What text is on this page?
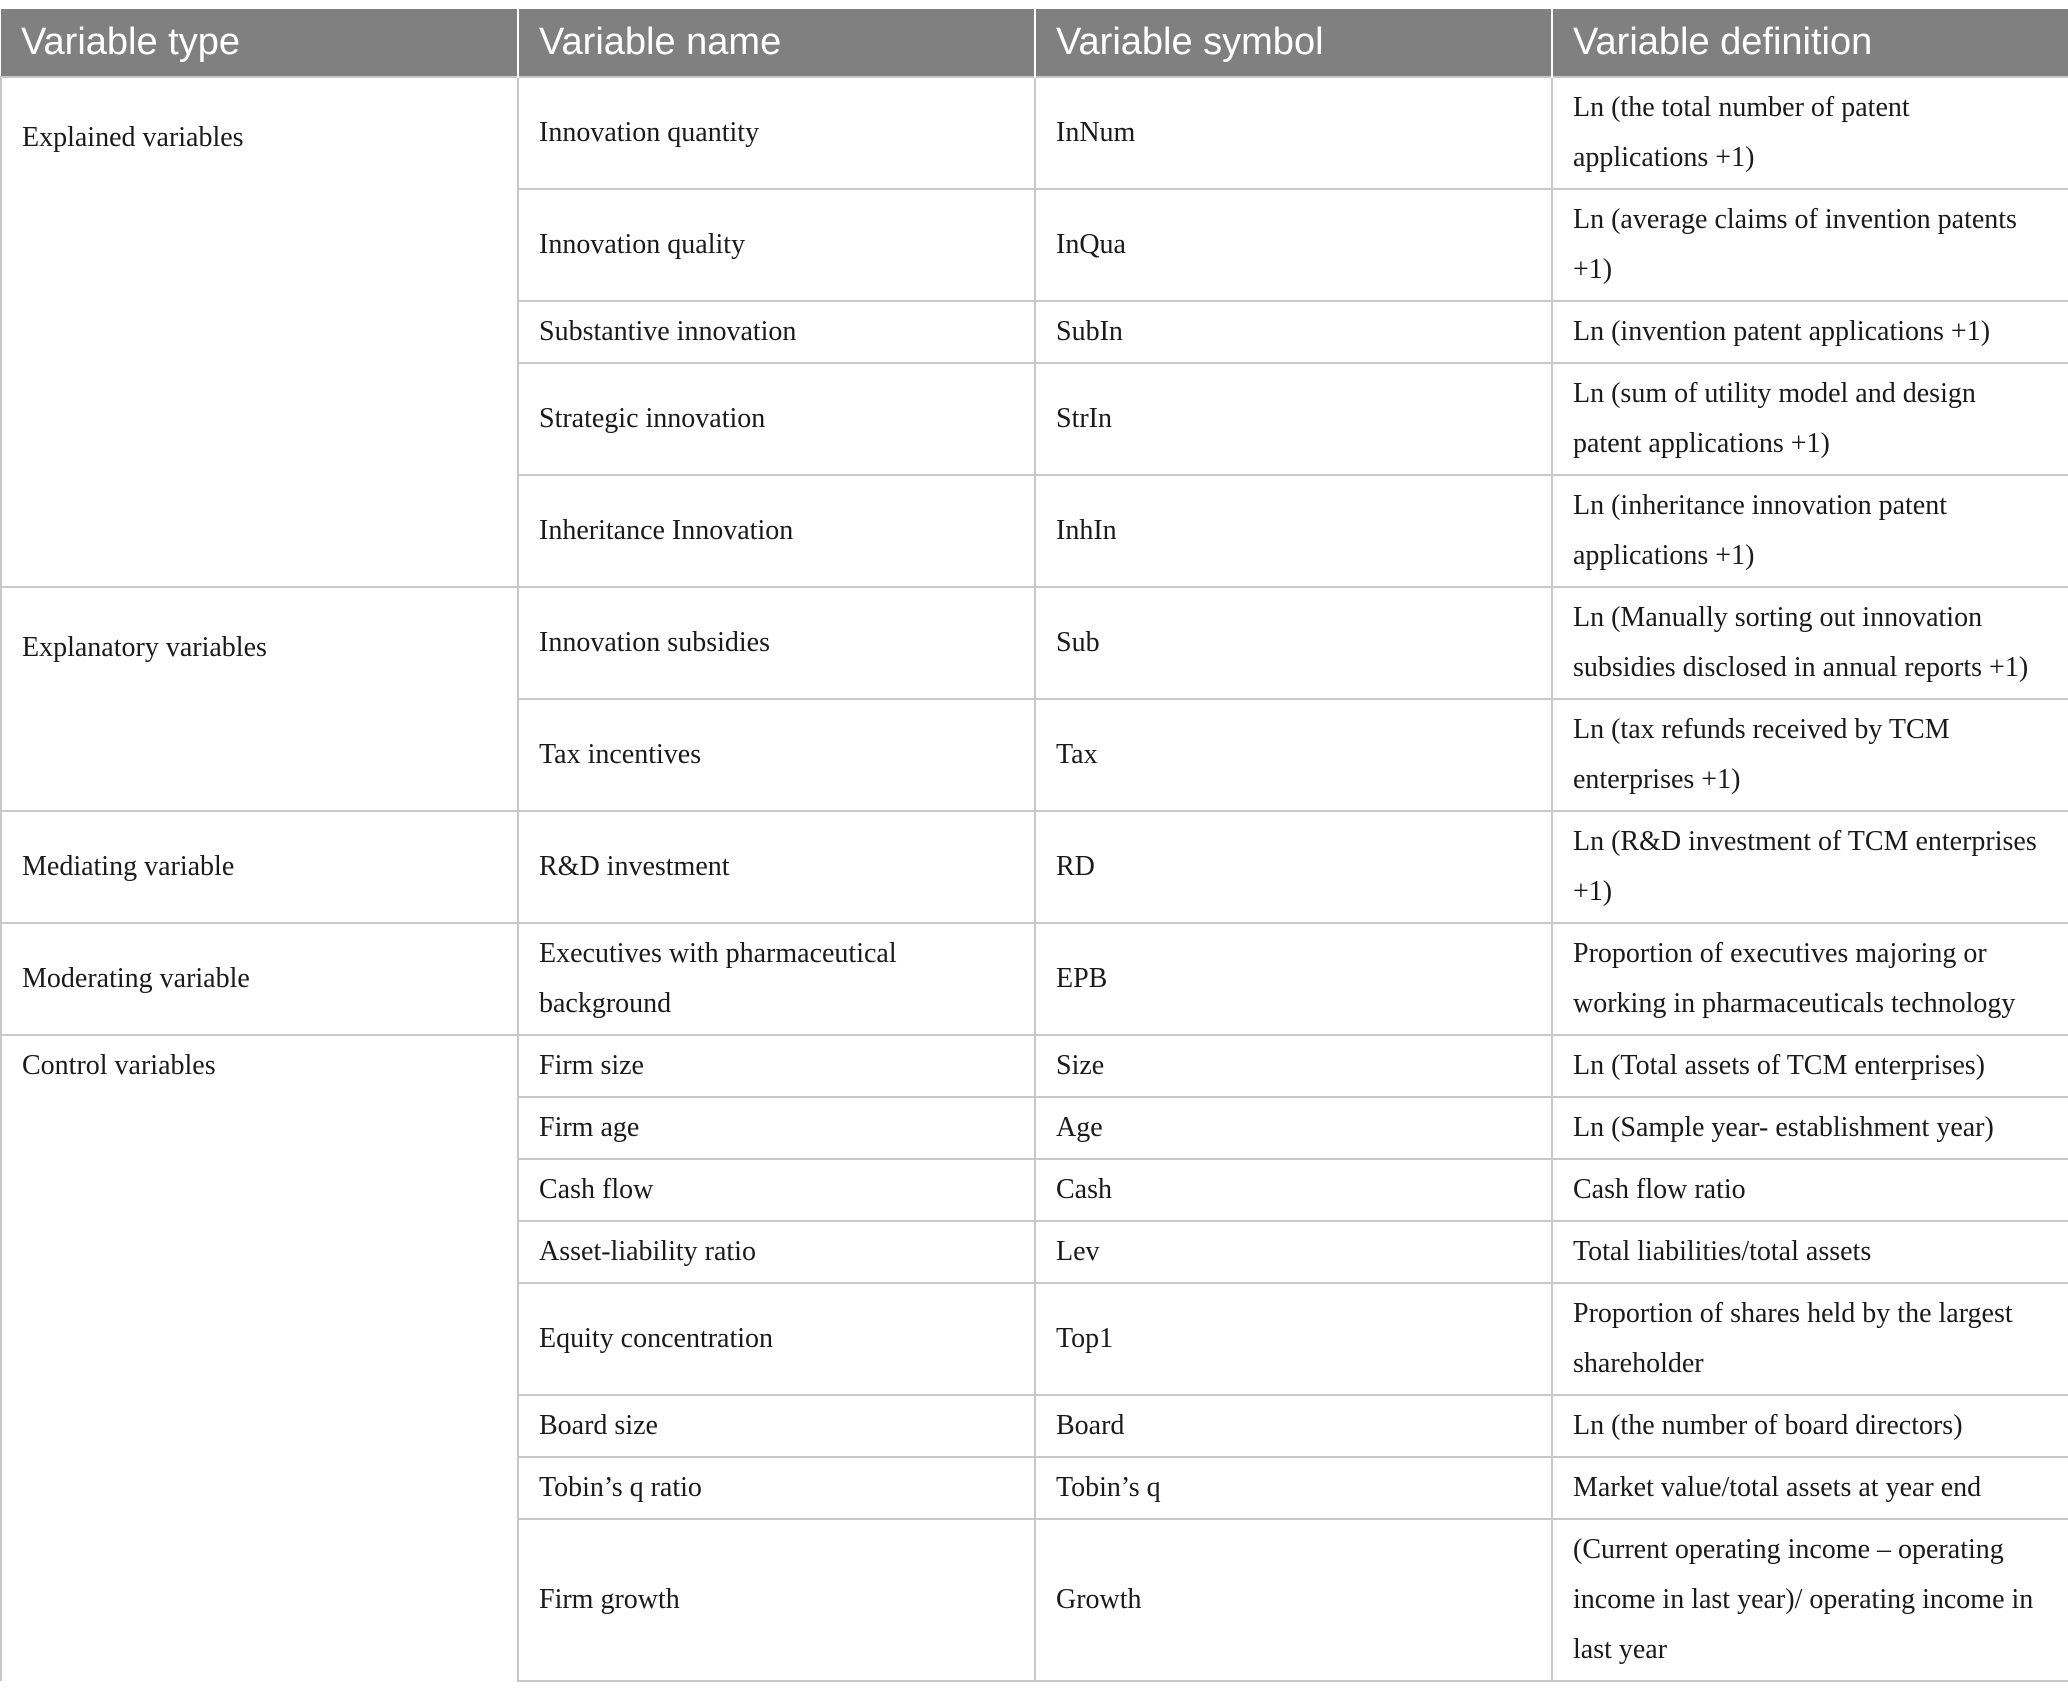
Variable type	Variable name	Variable symbol	Variable definition
Explained variables	Innovation quantity	InNum	Ln (the total number of patent applications +1)
	Innovation quality	InQua	Ln (average claims of invention patents +1)
	Substantive innovation	SubIn	Ln (invention patent applications +1)
	Strategic innovation	StrIn	Ln (sum of utility model and design patent applications +1)
	Inheritance Innovation	InhIn	Ln (inheritance innovation patent applications +1)
Explanatory variables	Innovation subsidies	Sub	Ln (Manually sorting out innovation subsidies disclosed in annual reports +1)
	Tax incentives	Tax	Ln (tax refunds received by TCM enterprises +1)
Mediating variable	R&D investment	RD	Ln (R&D investment of TCM enterprises +1)
Moderating variable	Executives with pharmaceutical background	EPB	Proportion of executives majoring or working in pharmaceuticals technology
Control variables	Firm size	Size	Ln (Total assets of TCM enterprises)
	Firm age	Age	Ln (Sample year- establishment year)
	Cash flow	Cash	Cash flow ratio
	Asset-liability ratio	Lev	Total liabilities/total assets
	Equity concentration	Top1	Proportion of shares held by the largest shareholder
	Board size	Board	Ln (the number of board directors)
	Tobin’s q ratio	Tobin’s q	Market value/total assets at year end
	Firm growth	Growth	(Current operating income – operating income in last year)/ operating income in last year
